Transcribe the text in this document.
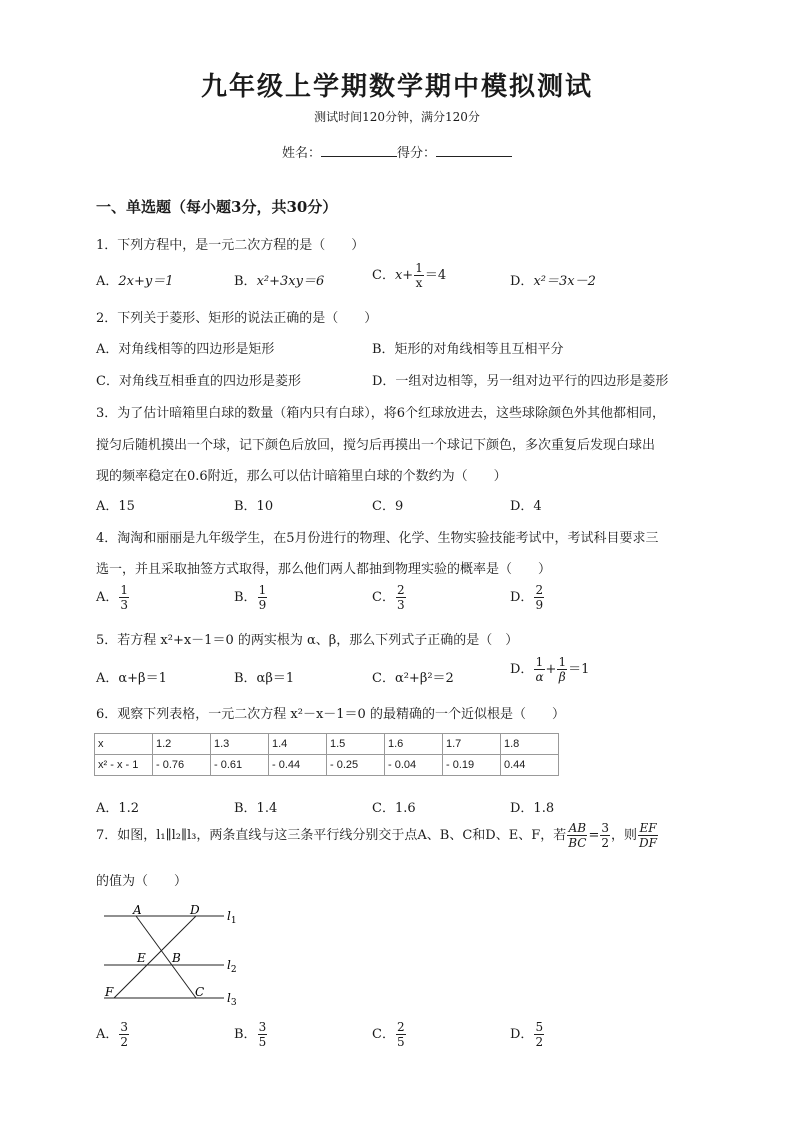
九年级上学期数学期中模拟测试
测试时间120分钟，满分120分
姓名：	得分：
一、单选题（每小题3分，共30分）
1．下列方程中，是一元二次方程的是（　　）
A．2x+y＝1	B．x²+3xy＝6	C．$x+ \frac{1}{x} =4$	D．x²＝3x－2
2．下列关于菱形、矩形的说法正确的是（　　）
A．对角线相等的四边形是矩形	B．矩形的对角线相等且互相平分
C．对角线互相垂直的四边形是菱形	D．一组对边相等，另一组对边平行的四边形是菱形
3．为了估计暗箱里白球的数量（箱内只有白球），将6个红球放进去，这些球除颜色外其他都相同，
搅匀后随机摸出一个球，记下颜色后放回，搅匀后再摸出一个球记下颜色，多次重复后发现白球出
现的频率稳定在0.6附近，那么可以估计暗箱里白球的个数约为（　　）
A．15	B．10	C．9	D．4
4．淘淘和丽丽是九年级学生，在5月份进行的物理、化学、生物实验技能考试中，考试科目要求三
选一，并且采取抽签方式取得，那么他们两人都抽到物理实验的概率是（　　）
A． $\frac{1}{3}$	B． $\frac{1}{9}$	C． $\frac{2}{3}$	D． $\frac{2}{9}$
5．若方程 x²+x－1＝0 的两实根为 α、β，那么下列式子正确的是（　）
A．α+β＝1	B．αβ＝1	C．α²+β²＝2
D． $\frac{1}{\alpha} + \frac{1}{\beta} =1$
6．观察下列表格，一元二次方程 x²－x－1＝0 的最精确的一个近似根是（　　）
x	1.2	1.3	1.4	1.5	1.6	1.7	1.8
x² - x - 1	- 0.76	- 0.61	- 0.44	- 0.25	- 0.04	- 0.19	0.44
A．1.2	B．1.4	C．1.6	D．1.8
7．如图，l₁∥l₂∥l₃，两条直线与这三条平行线分别交于点A、B、C和D、E、F，若 $\frac{AB}{BC} = \frac{3}{2}$ ，则 $\frac{EF}{DF}$
的值为（　　）
A	D
E B
F	C
$l_1$
$l_2$
$l_3$
A． $\frac{3}{2}$	B． $\frac{3}{5}$	C． $\frac{2}{5}$	D． $\frac{5}{2}$
